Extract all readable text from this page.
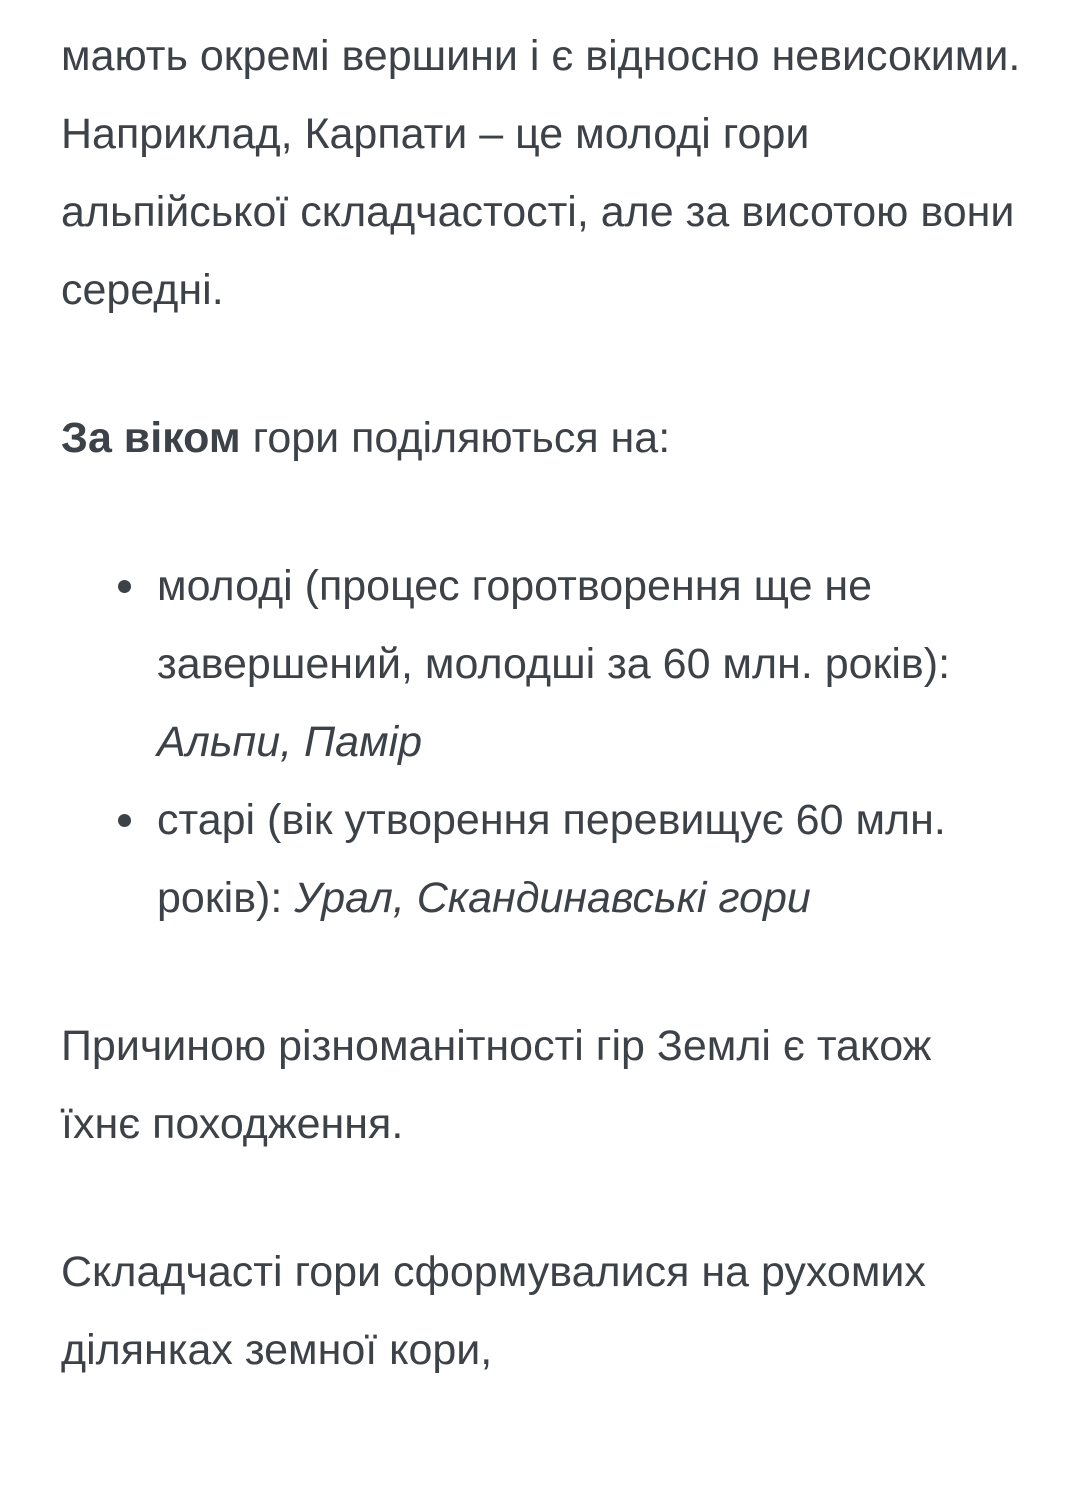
мають окремі вершини і є відносно невисокими. Наприклад, Карпати – це молоді гори альпійської складчастості, але за висотою вони середні.

За віком гори поділяються на:

молоді (процес горотворення ще не завершений, молодші за 60 млн. років): Альпи, Памір
старі (вік утворення перевищує 60 млн. років): Урал, Скандинавські гори

Причиною різноманітності гір Землі є також їхнє походження.

Складчасті гори сформувалися на рухомих ділянках земної кори,
